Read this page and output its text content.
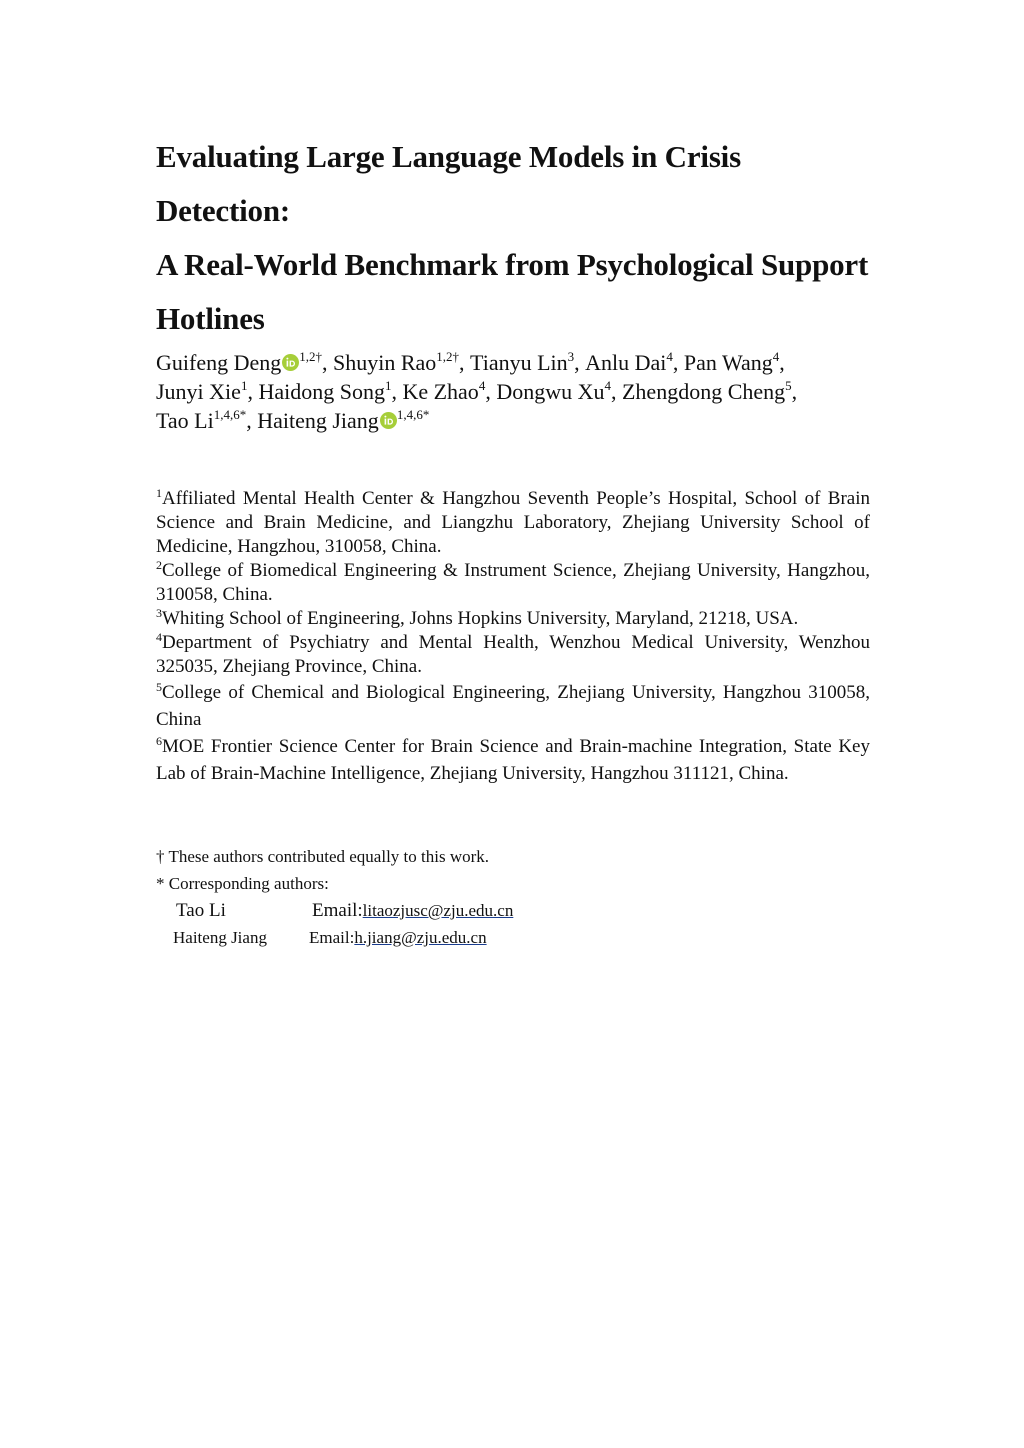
Evaluating Large Language Models in Crisis Detection:
A Real-World Benchmark from Psychological Support
Hotlines
Guifeng Deng $^{1,2\dagger}$, Shuyin Rao$^{1,2\dagger}$, Tianyu Lin$^3$, Anlu Dai$^4$, Pan Wang$^4$, Junyi Xie$^1$, Haidong Song$^1$, Ke Zhao$^4$, Dongwu Xu$^4$, Zhengdong Cheng$^5$, Tao $Li^{1,4,6*}$, Haiteng Jiang $^{1,4,6*}$
$^1$Affiliated Mental Health Center & Hangzhou Seventh People’s Hospital, School of Brain Science and Brain Medicine, and Liangzhu Laboratory, Zhejiang University School of Medicine, Hangzhou, 310058, China.
$^2$College of Biomedical Engineering & Instrument Science, Zhejiang University, Hangzhou, 310058, China.
$^3$Whiting School of Engineering, Johns Hopkins University, Maryland, 21218, USA.
$^4$Department of Psychiatry and Mental Health, Wenzhou Medical University, Wenzhou 325035, Zhejiang Province, China.
$^5$College of Chemical and Biological Engineering, Zhejiang University, Hangzhou 310058, China
$^6$MOE Frontier Science Center for Brain Science and Brain-machine Integration, State Key Lab of Brain-Machine Intelligence, Zhejiang University, Hangzhou 311121, China.
† These authors contributed equally to this work.
* Corresponding authors:
Tao Li	Email: litaozjusc@zju.edu.cn
Haiteng Jiang	Email: h.jiang@zju.edu.cn
